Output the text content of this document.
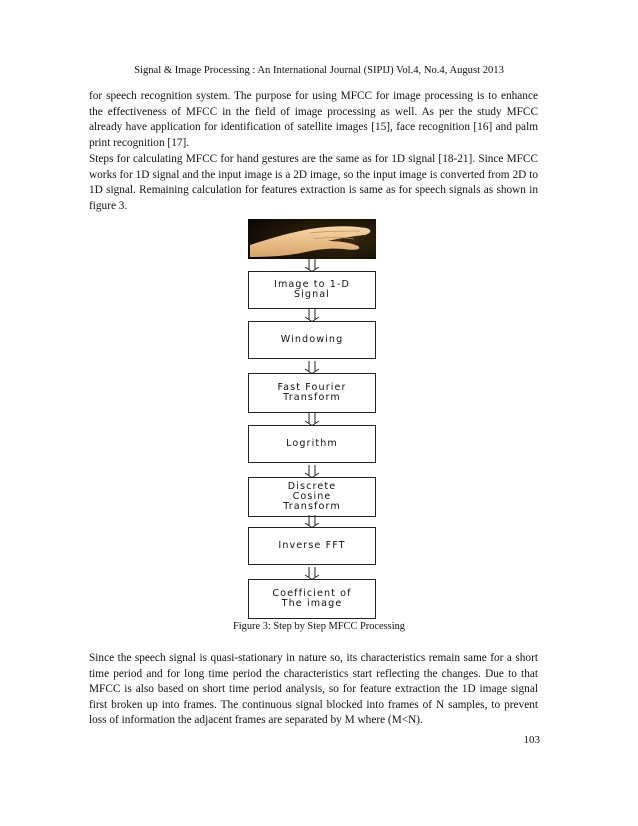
Signal & Image Processing : An International Journal (SIPIJ) Vol.4, No.4, August 2013

for speech recognition system. The purpose for using MFCC for image processing is to enhance the effectiveness of MFCC in the field of image processing as well. As per the study MFCC already have application for identification of satellite images [15], face recognition [16] and palm print recognition [17].

Steps for calculating MFCC for hand gestures are the same as for 1D signal [18-21]. Since MFCC works for 1D signal and the input image is a 2D image, so the input image is converted from 2D to 1D signal. Remaining calculation for features extraction is same as for speech signals as shown in figure 3.

Image to 1-D
Signal
Windowing
Fast Fourier
Transform
Logrithm
Discrete
Cosine
Transform
Inverse FFT
Coefficient of
The image
Figure 3: Step by Step MFCC Processing

Since the speech signal is quasi-stationary in nature so, its characteristics remain same for a short time period and for long time period the characteristics start reflecting the changes. Due to that MFCC is also based on short time period analysis, so for feature extraction the 1D image signal first broken up into frames. The continuous signal blocked into frames of N samples, to prevent loss of information the adjacent frames are separated by M where (M<N).

103
